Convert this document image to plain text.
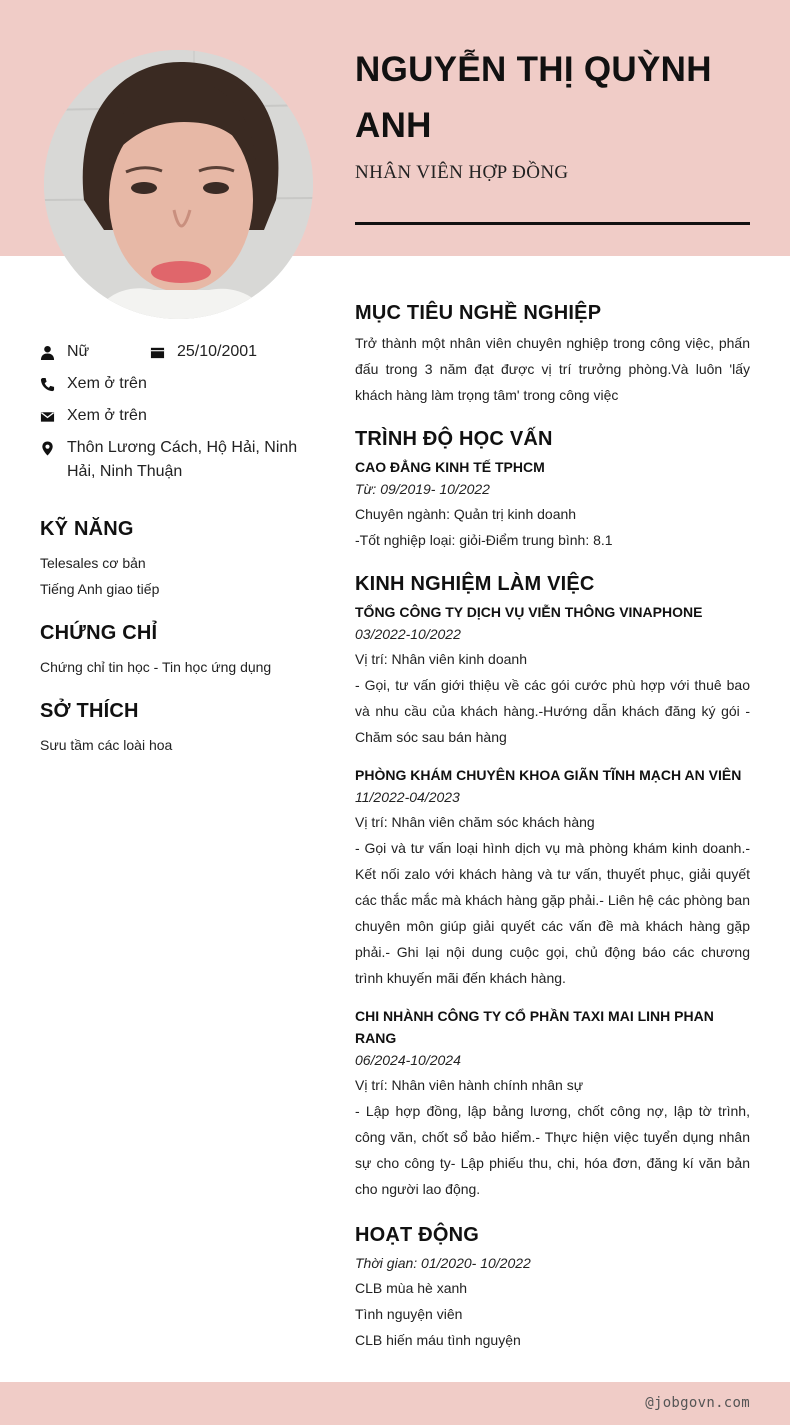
NGUYỄN THỊ QUỲNH ANH
NHÂN VIÊN HỢP ĐỒNG
Nữ	25/10/2001
Xem ở trên
Xem ở trên
Thôn Lương Cách, Hộ Hải, Ninh Hải, Ninh Thuận
KỸ NĂNG
Telesales cơ bản
Tiếng Anh giao tiếp
CHỨNG CHỈ
Chứng chỉ tin học - Tin học ứng dụng
SỞ THÍCH
Sưu tầm các loài hoa
MỤC TIÊU NGHỀ NGHIỆP
Trở thành một nhân viên chuyên nghiệp trong công việc, phấn đấu trong 3 năm đạt được vị trí trưởng phòng.Và luôn 'lấy khách hàng làm trọng tâm' trong công việc
TRÌNH ĐỘ HỌC VẤN
CAO ĐẲNG KINH TẾ TPHCM
Từ: 09/2019- 10/2022
Chuyên ngành: Quản trị kinh doanh
-Tốt nghiệp loại: giỏi-Điểm trung bình: 8.1
KINH NGHIỆM LÀM VIỆC
TỔNG CÔNG TY DỊCH VỤ VIỄN THÔNG VINAPHONE
03/2022-10/2022
Vị trí: Nhân viên kinh doanh
- Gọi, tư vấn giới thiệu về các gói cước phù hợp với thuê bao và nhu cầu của khách hàng.-Hướng dẫn khách đăng ký gói - Chăm sóc sau bán hàng
PHÒNG KHÁM CHUYÊN KHOA GIÃN TĨNH MẠCH AN VIÊN
11/2022-04/2023
Vị trí: Nhân viên chăm sóc khách hàng
- Gọi và tư vấn loại hình dịch vụ mà phòng khám kinh doanh.-Kết nối zalo với khách hàng và tư vấn, thuyết phục, giải quyết các thắc mắc mà khách hàng gặp phải.- Liên hệ các phòng ban chuyên môn giúp giải quyết các vấn đề mà khách hàng gặp phải.- Ghi lại nội dung cuộc gọi, chủ động báo các chương trình khuyến mãi đến khách hàng.
CHI NHÀNH CÔNG TY CỔ PHẦN TAXI MAI LINH PHAN RANG
06/2024-10/2024
Vị trí: Nhân viên hành chính nhân sự
- Lập hợp đồng, lập bảng lương, chốt công nợ, lập tờ trình, công văn, chốt sổ bảo hiểm.- Thực hiện việc tuyển dụng nhân sự cho công ty- Lập phiếu thu, chi, hóa đơn, đăng kí văn bản cho người lao động.
HOẠT ĐỘNG
Thời gian: 01/2020- 10/2022
CLB mùa hè xanh
Tình nguyện viên
CLB hiến máu tình nguyện
@jobgovn.com
